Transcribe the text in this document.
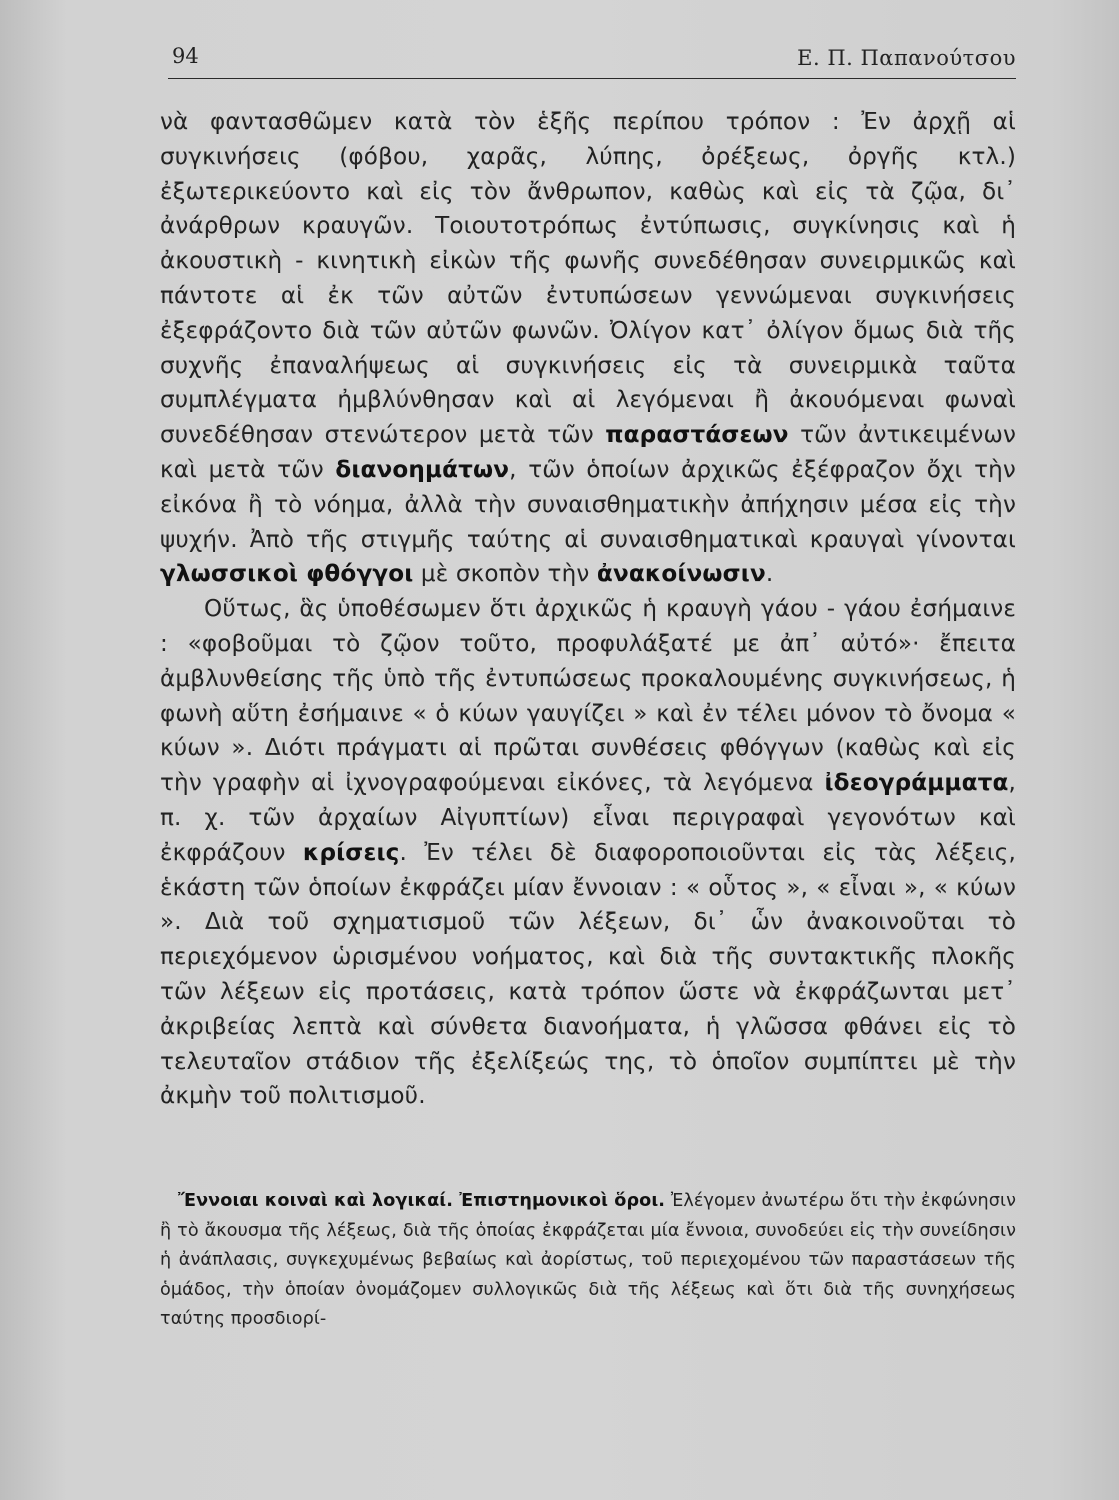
94	Ε. Π. Παπανούτσου

νὰ φαντασθῶμεν κατὰ τὸν ἑξῆς περίπου τρόπον : Ἐν ἀρχῇ αἱ συγκινήσεις (φόβου, χαρᾶς, λύπης, ὀρέξεως, ὀργῆς κτλ.) ἐξωτερικεύοντο καὶ εἰς τὸν ἄνθρωπον, καθὼς καὶ εἰς τὰ ζῷα, δι᾽ ἀνάρθρων κραυγῶν. Τοιουτοτρόπως ἐντύπωσις, συγκίνησις καὶ ἡ ἀκουστικὴ - κινητικὴ εἰκὼν τῆς φωνῆς συνεδέθησαν συνειρμικῶς καὶ πάντοτε αἱ ἐκ τῶν αὐτῶν ἐντυπώσεων γεννώμεναι συγκινήσεις ἐξεφράζοντο διὰ τῶν αὐτῶν φωνῶν. Ὀλίγον κατ᾽ ὀλίγον ὅμως διὰ τῆς συχνῆς ἐπαναλήψεως αἱ συγκινήσεις εἰς τὰ συνειρμικὰ ταῦτα συμπλέγματα ἠμβλύνθησαν καὶ αἱ λεγόμεναι ἢ ἀκουόμεναι φωναὶ συνεδέθησαν στενώτερον μετὰ τῶν παραστάσεων τῶν ἀντικειμένων καὶ μετὰ τῶν διανοημάτων, τῶν ὁποίων ἀρχικῶς ἐξέφραζον ὄχι τὴν εἰκόνα ἢ τὸ νόημα, ἀλλὰ τὴν συναισθηματικὴν ἀπήχησιν μέσα εἰς τὴν ψυχήν. Ἀπὸ τῆς στιγμῆς ταύτης αἱ συναισθηματικαὶ κραυγαὶ γίνονται γλωσσικοὶ φθόγγοι μὲ σκοπὸν τὴν ἀνακοίνωσιν.

Οὕτως, ἃς ὑποθέσωμεν ὅτι ἀρχικῶς ἡ κραυγὴ γάου - γάου ἐσήμαινε : «φοβοῦμαι τὸ ζῷον τοῦτο, προφυλάξατέ με ἀπ᾽ αὐτό»· ἔπειτα ἀμβλυνθείσης τῆς ὑπὸ τῆς ἐντυπώσεως προκαλουμένης συγκινήσεως, ἡ φωνὴ αὕτη ἐσήμαινε « ὁ κύων γαυγίζει » καὶ ἐν τέλει μόνον τὸ ὄνομα « κύων ». Διότι πράγματι αἱ πρῶται συνθέσεις φθόγγων (καθὼς καὶ εἰς τὴν γραφὴν αἱ ἰχνογραφούμεναι εἰκόνες, τὰ λεγόμενα ἰδεογράμματα, π. χ. τῶν ἀρχαίων Αἰγυπτίων) εἶναι περιγραφαὶ γεγονότων καὶ ἐκφράζουν κρίσεις. Ἐν τέλει δὲ διαφοροποιοῦνται εἰς τὰς λέξεις, ἑκάστη τῶν ὁποίων ἐκφράζει μίαν ἔννοιαν : « οὗτος », « εἶναι », « κύων ». Διὰ τοῦ σχηματισμοῦ τῶν λέξεων, δι᾽ ὧν ἀνακοινοῦται τὸ περιεχόμενον ὡρισμένου νοήματος, καὶ διὰ τῆς συντακτικῆς πλοκῆς τῶν λέξεων εἰς προτάσεις, κατὰ τρόπον ὥστε νὰ ἐκφράζωνται μετ᾽ ἀκριβείας λεπτὰ καὶ σύνθετα διανοήματα, ἡ γλῶσσα φθάνει εἰς τὸ τελευταῖον στάδιον τῆς ἐξελίξεώς της, τὸ ὁποῖον συμπίπτει μὲ τὴν ἀκμὴν τοῦ πολιτισμοῦ.

Ἔννοιαι κοιναὶ καὶ λογικαί. Ἐπιστημονικοὶ ὅροι. Ἐλέγομεν ἀνωτέρω ὅτι τὴν ἐκφώνησιν ἢ τὸ ἄκουσμα τῆς λέξεως, διὰ τῆς ὁποίας ἐκφράζεται μία ἔννοια, συνοδεύει εἰς τὴν συνείδησιν ἡ ἀνάπλασις, συγκεχυμένως βεβαίως καὶ ἀορίστως, τοῦ περιεχομένου τῶν παραστάσεων τῆς ὁμάδος, τὴν ὁποίαν ὀνομάζομεν συλλογικῶς διὰ τῆς λέξεως καὶ ὅτι διὰ τῆς συνηχήσεως ταύτης προσδιορί-
